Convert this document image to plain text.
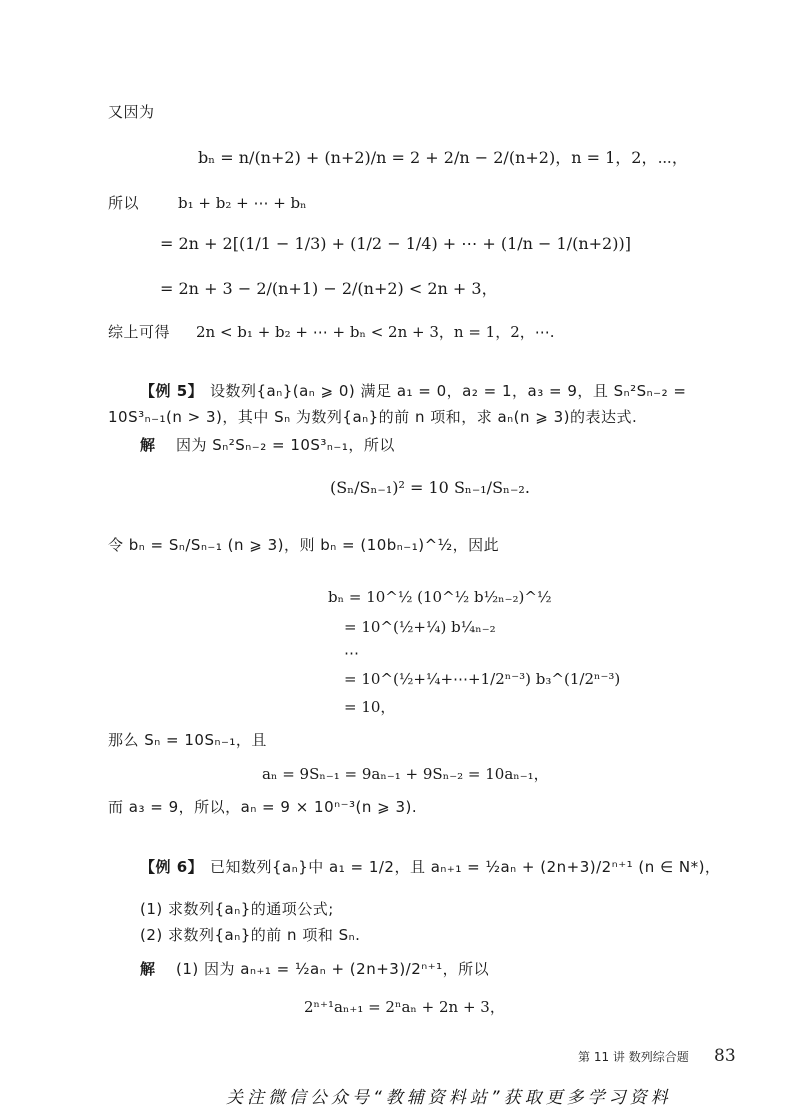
又因为
bₙ = n/(n+2) + (n+2)/n = 2 + 2/n − 2/(n+2)，n = 1，2，⋯，
所以	b₁ + b₂ + ⋯ + bₙ
= 2n + 2[(1/1 − 1/3) + (1/2 − 1/4) + ⋯ + (1/n − 1/(n+2))]
= 2n + 3 − 2/(n+1) − 2/(n+2) < 2n + 3，
综上可得 2n < b₁ + b₂ + ⋯ + bₙ < 2n + 3，n = 1，2，⋯.
【例 5】 设数列{aₙ}(aₙ ⩾ 0) 满足 a₁ = 0，a₂ = 1，a₃ = 9，且 Sₙ²Sₙ₋₂ =
10S³ₙ₋₁(n > 3)，其中 Sₙ 为数列{aₙ}的前 n 项和，求 aₙ(n ⩾ 3)的表达式.
解 因为 Sₙ²Sₙ₋₂ = 10S³ₙ₋₁，所以
(Sₙ/Sₙ₋₁)² = 10 Sₙ₋₁/Sₙ₋₂.
令 bₙ = Sₙ/Sₙ₋₁ (n ⩾ 3)，则 bₙ = (10bₙ₋₁)^½，因此
bₙ = 10^½ (10^½ b½ₙ₋₂)^½
= 10^(½+¼) b¼ₙ₋₂
⋯
= 10^(½+¼+⋯+1/2ⁿ⁻³) b₃^(1/2ⁿ⁻³)
= 10，
那么 Sₙ = 10Sₙ₋₁，且
aₙ = 9Sₙ₋₁ = 9aₙ₋₁ + 9Sₙ₋₂ = 10aₙ₋₁，
而 a₃ = 9，所以，aₙ = 9 × 10ⁿ⁻³(n ⩾ 3).
【例 6】 已知数列{aₙ}中 a₁ = 1/2，且 aₙ₊₁ = ½aₙ + (2n+3)/2ⁿ⁺¹ (n ∈ N*)，
(1) 求数列{aₙ}的通项公式;
(2) 求数列{aₙ}的前 n 项和 Sₙ.
解 (1) 因为 aₙ₊₁ = ½aₙ + (2n+3)/2ⁿ⁺¹，所以
2ⁿ⁺¹aₙ₊₁ = 2ⁿaₙ + 2n + 3，
第 11 讲 数列综合题 83
关注微信公众号“教辅资料站”获取更多学习资料
